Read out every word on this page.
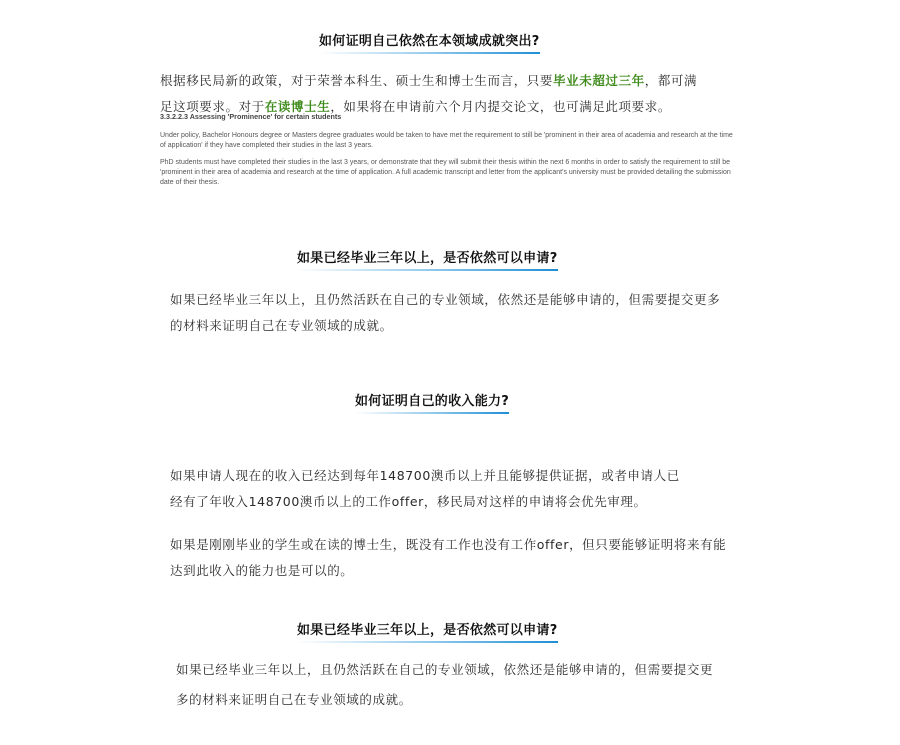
如何证明自己依然在本领域成就突出?
根据移民局新的政策，对于荣誉本科生、硕士生和博士生而言，只要毕业未超过三年，都可满
足这项要求。对于在读博士生，如果将在申请前六个月内提交论文，也可满足此项要求。
3.3.2.2.3 Assessing 'Prominence' for certain students

Under policy, Bachelor Honours degree or Masters degree graduates would be taken to have met the requirement to still be 'prominent in their area of academia and research at the time of application' if they have completed their studies in the last 3 years.

PhD students must have completed their studies in the last 3 years, or demonstrate that they will submit their thesis within the next 6 months in order to satisfy the requirement to still be 'prominent in their area of academia and research at the time of application. A full academic transcript and letter from the applicant's university must be provided detailing the submission date of their thesis.

如果已经毕业三年以上，是否依然可以申请?
如果已经毕业三年以上，且仍然活跃在自己的专业领域，依然还是能够申请的，但需要提交更多
的材料来证明自己在专业领域的成就。
如何证明自己的收入能力?
如果申请人现在的收入已经达到每年148700澳币以上并且能够提供证据，或者申请人已
经有了年收入148700澳币以上的工作offer，移民局对这样的申请将会优先审理。
如果是刚刚毕业的学生或在读的博士生，既没有工作也没有工作offer，但只要能够证明将来有能
达到此收入的能力也是可以的。
如果已经毕业三年以上，是否依然可以申请?
如果已经毕业三年以上，且仍然活跃在自己的专业领域，依然还是能够申请的，但需要提交更
多的材料来证明自己在专业领域的成就。
